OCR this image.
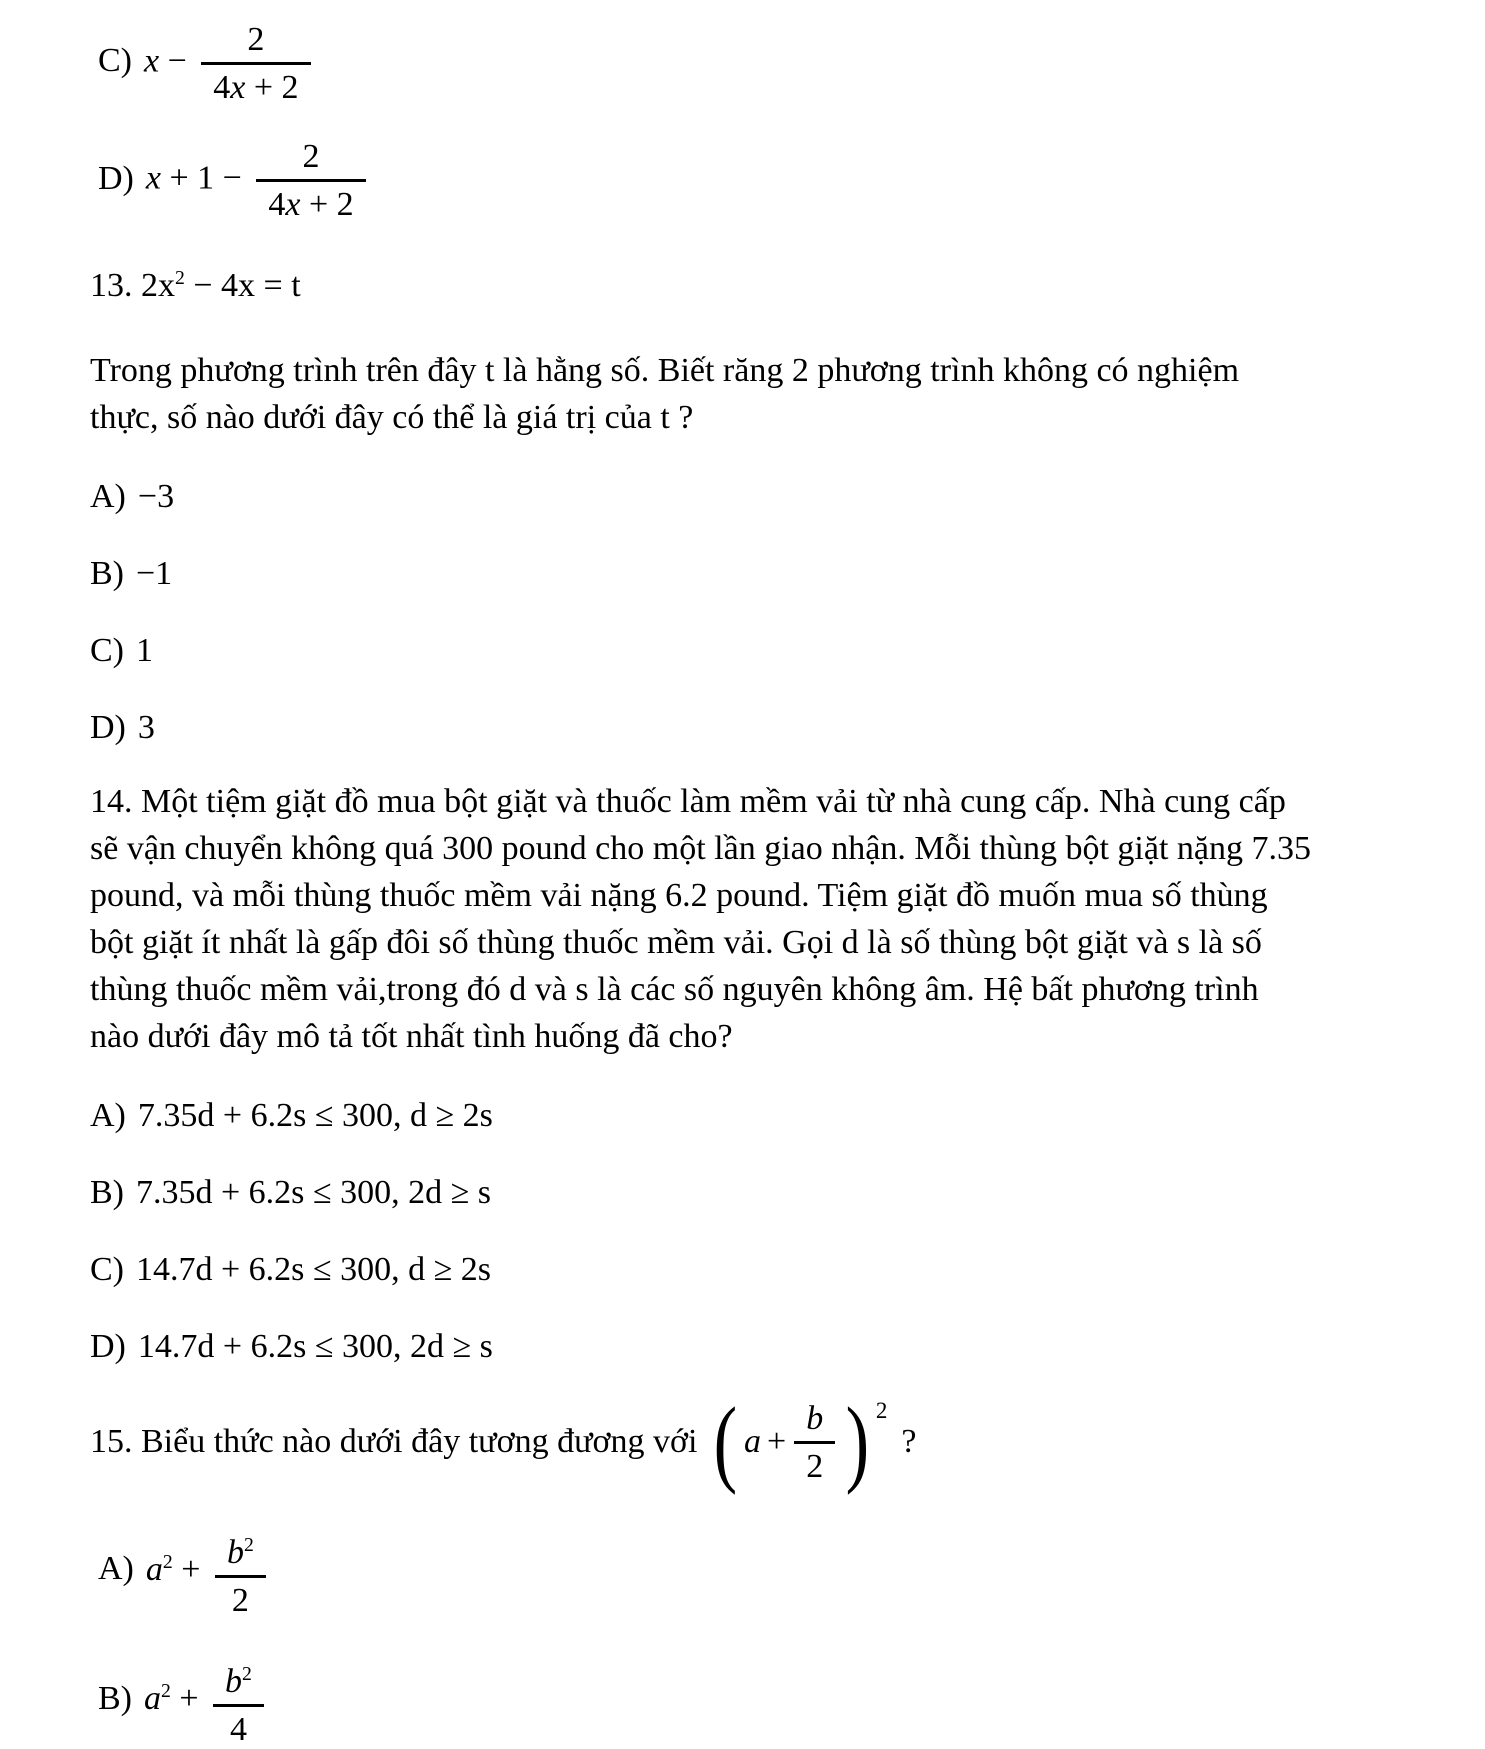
C) $x - \frac{2}{4x + 2}$
D) $x + 1 - \frac{2}{4x + 2}$
13. $2x^2 - 4x = t$
Trong phương trình trên đây t là hằng số. Biết răng 2 phương trình không có nghiệm
thực, số nào dưới đây có thể là giá trị của t ?
A) −3
B) −1
C) 1
D) 3
14. Một tiệm giặt đồ mua bột giặt và thuốc làm mềm vải từ nhà cung cấp. Nhà cung cấp
sẽ vận chuyển không quá 300 pound cho một lần giao nhận. Mỗi thùng bột giặt nặng 7.35
pound, và mỗi thùng thuốc mềm vải nặng 6.2 pound. Tiệm giặt đồ muốn mua số thùng
bột giặt ít nhất là gấp đôi số thùng thuốc mềm vải. Gọi d là số thùng bột giặt và s là số
thùng thuốc mềm vải,trong đó d và s là các số nguyên không âm. Hệ bất phương trình
nào dưới đây mô tả tốt nhất tình huống đã cho?
A) 7.35d + 6.2s ≤ 300, d ≥ 2s
B) 7.35d + 6.2s ≤ 300, 2d ≥ s
C) 14.7d + 6.2s ≤ 300, d ≥ 2s
D) 14.7d + 6.2s ≤ 300, 2d ≥ s
15. Biểu thức nào dưới đây tương đương với ( $a + \frac{b}{2}$ ) 2
?
A) $a^2 + \frac{b^2}{2}$
B) $a^2 + \frac{b^2}{4}$
